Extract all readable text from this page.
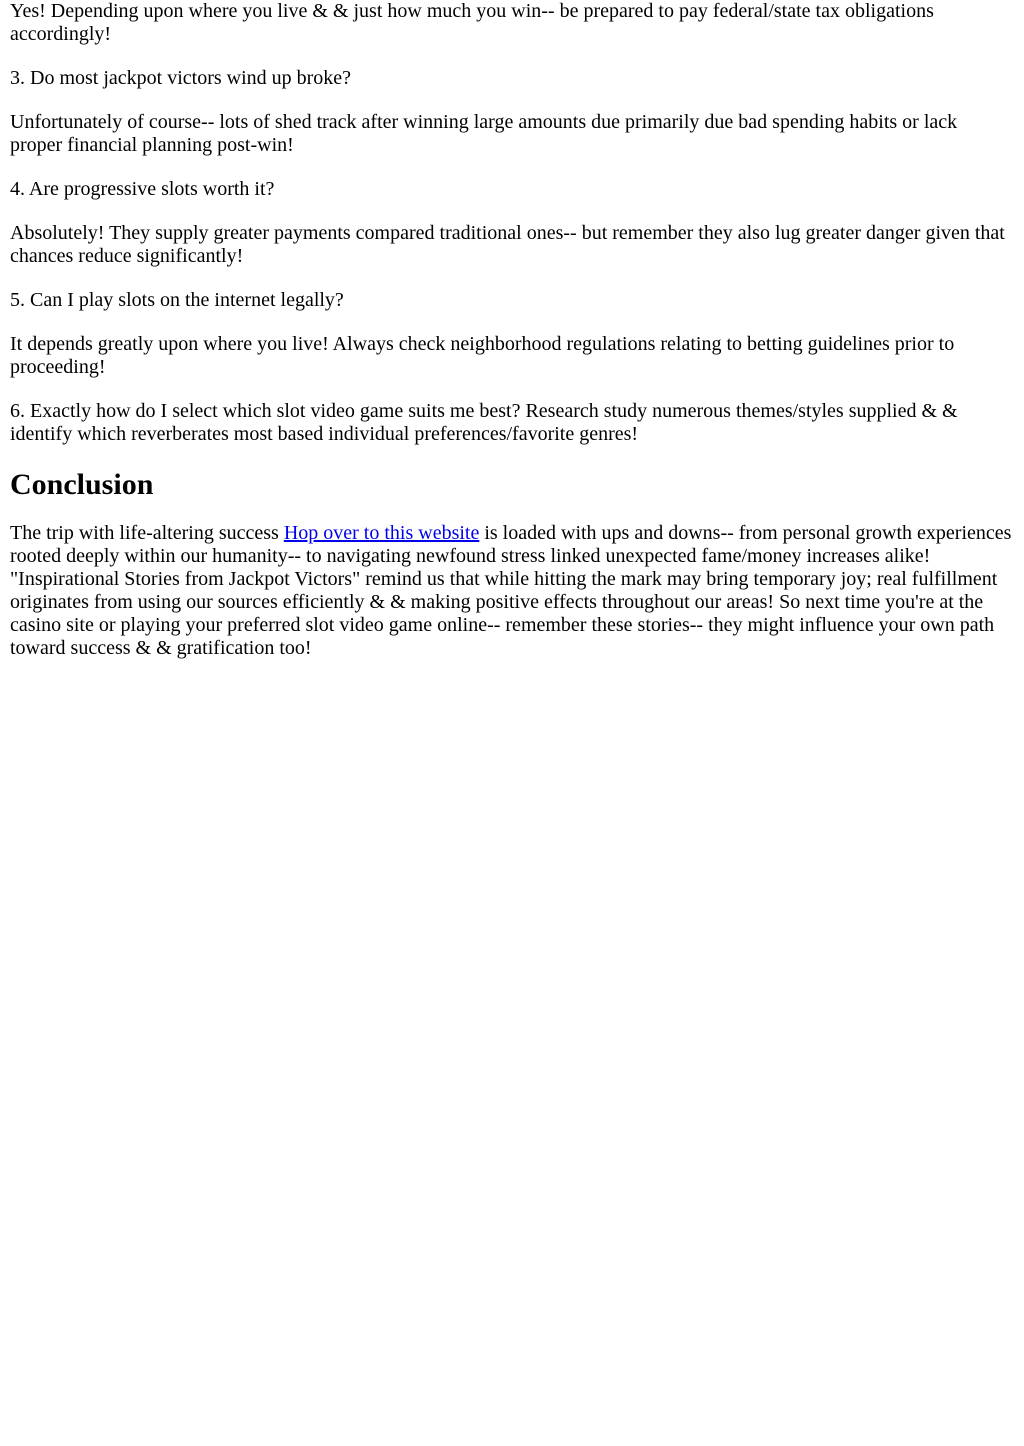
Yes! Depending upon where you live & & just how much you win-- be prepared to pay federal/state tax obligations accordingly!

3. Do most jackpot victors wind up broke?

Unfortunately of course-- lots of shed track after winning large amounts due primarily due bad spending habits or lack proper financial planning post-win!

4. Are progressive slots worth it?

Absolutely! They supply greater payments compared traditional ones-- but remember they also lug greater danger given that chances reduce significantly!

5. Can I play slots on the internet legally?

It depends greatly upon where you live! Always check neighborhood regulations relating to betting guidelines prior to proceeding!

6. Exactly how do I select which slot video game suits me best? Research study numerous themes/styles supplied & & identify which reverberates most based individual preferences/favorite genres!

Conclusion

The trip with life-altering success Hop over to this website is loaded with ups and downs-- from personal growth experiences rooted deeply within our humanity-- to navigating newfound stress linked unexpected fame/money increases alike! "Inspirational Stories from Jackpot Victors" remind us that while hitting the mark may bring temporary joy; real fulfillment originates from using our sources efficiently & & making positive effects throughout our areas! So next time you're at the casino site or playing your preferred slot video game online-- remember these stories-- they might influence your own path toward success & & gratification too!
